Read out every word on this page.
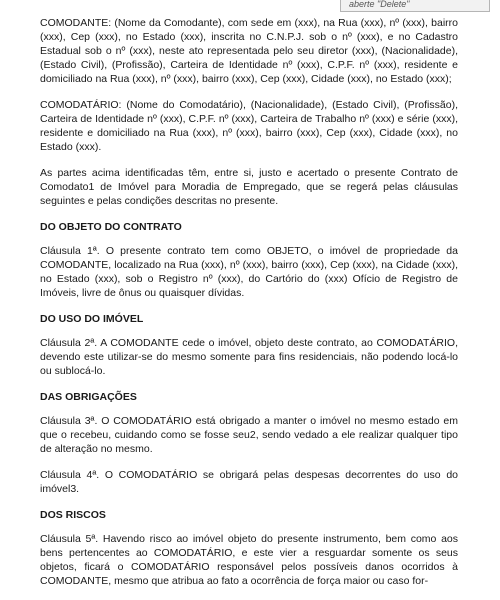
aberte "Delete"

COMODANTE: (Nome da Comodante), com sede em (xxx), na Rua (xxx), nº (xxx), bairro (xxx), Cep (xxx), no Estado (xxx), inscrita no C.N.P.J. sob o nº (xxx), e no Cadastro Estadual sob o nº (xxx), neste ato representada pelo seu diretor (xxx), (Nacionalidade), (Estado Civil), (Profissão), Carteira de Identidade nº (xxx), C.P.F. nº (xxx), residente e domiciliado na Rua (xxx), nº (xxx), bairro (xxx), Cep (xxx), Cidade (xxx), no Estado (xxx);

COMODATÁRIO: (Nome do Comodatário), (Nacionalidade), (Estado Civil), (Profissão), Carteira de Identidade nº (xxx), C.P.F. nº (xxx), Carteira de Trabalho nº (xxx) e série (xxx), residente e domiciliado na Rua (xxx), nº (xxx), bairro (xxx), Cep (xxx), Cidade (xxx), no Estado (xxx).

As partes acima identificadas têm, entre si, justo e acertado o presente Contrato de Comodato1 de Imóvel para Moradia de Empregado, que se regerá pelas cláusulas seguintes e pelas condições descritas no presente.

DO OBJETO DO CONTRATO

Cláusula 1ª. O presente contrato tem como OBJETO, o imóvel de propriedade da COMODANTE, localizado na Rua (xxx), nº (xxx), bairro (xxx), Cep (xxx), na Cidade (xxx), no Estado (xxx), sob o Registro nº (xxx), do Cartório do (xxx) Ofício de Registro de Imóveis, livre de ônus ou quaisquer dívidas.

DO USO DO IMÓVEL

Cláusula 2ª. A COMODANTE cede o imóvel, objeto deste contrato, ao COMODATÁRIO, devendo este utilizar-se do mesmo somente para fins residenciais, não podendo locá-lo ou sublocá-lo.

DAS OBRIGAÇÕES

Cláusula 3ª. O COMODATÁRIO está obrigado a manter o imóvel no mesmo estado em que o recebeu, cuidando como se fosse seu2, sendo vedado a ele realizar qualquer tipo de alteração no mesmo.

Cláusula 4ª. O COMODATÁRIO se obrigará pelas despesas decorrentes do uso do imóvel3.

DOS RISCOS

Cláusula 5ª. Havendo risco ao imóvel objeto do presente instrumento, bem como aos bens pertencentes ao COMODATÁRIO, e este vier a resguardar somente os seus objetos, ficará o COMODATÁRIO responsável pelos possíveis danos ocorridos à COMODANTE, mesmo que atribua ao fato a ocorrência de força maior ou caso for-
